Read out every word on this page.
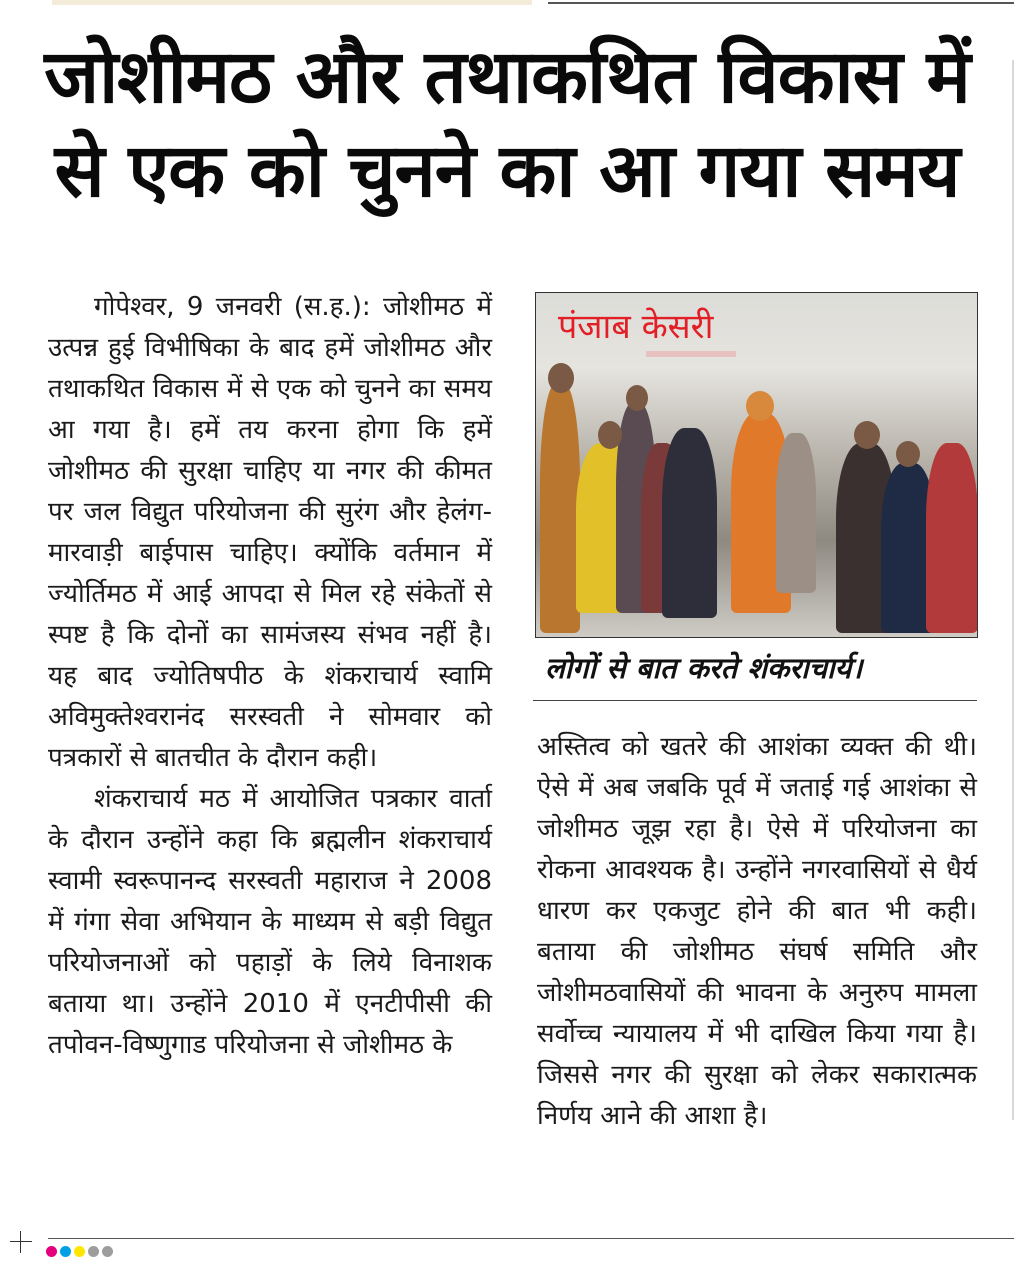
जोशीमठ और तथाकथित विकास में
से एक को चुनने का आ गया समय

गोपेश्वर, 9 जनवरी (स.ह.): जोशीमठ में उत्पन्न हुई विभीषिका के बाद हमें जोशीमठ और तथाकथित विकास में से एक को चुनने का समय आ गया है। हमें तय करना होगा कि हमें जोशीमठ की सुरक्षा चाहिए या नगर की कीमत पर जल विद्युत परियोजना की सुरंग और हेलंग-मारवाड़ी बाईपास चाहिए। क्योंकि वर्तमान में ज्योर्तिमठ में आई आपदा से मिल रहे संकेतों से स्पष्ट है कि दोनों का सामंजस्य संभव नहीं है। यह बाद ज्योतिषपीठ के शंकराचार्य स्वामि अविमुक्तेश्वरानंद सरस्वती ने सोमवार को पत्रकारों से बातचीत के दौरान कही।

शंकराचार्य मठ में आयोजित पत्रकार वार्ता के दौरान उन्होंने कहा कि ब्रह्मलीन शंकराचार्य स्वामी स्वरूपानन्द सरस्वती महाराज ने 2008 में गंगा सेवा अभियान के माध्यम से बड़ी विद्युत परियोजनाओं को पहाड़ों के लिये विनाशक बताया था। उन्होंने 2010 में एनटीपीसी की तपोवन-विष्णुगाड परियोजना से जोशीमठ के

पंजाब केसरी
लोगों से बात करते शंकराचार्य।

अस्तित्व को खतरे की आशंका व्यक्त की थी। ऐसे में अब जबकि पूर्व में जताई गई आशंका से जोशीमठ जूझ रहा है। ऐसे में परियोजना का रोकना आवश्यक है। उन्होंने नगरवासियों से धैर्य धारण कर एकजुट होने की बात भी कही। बताया की जोशीमठ संघर्ष समिति और जोशीमठवासियों की भावना के अनुरुप मामला सर्वोच्च न्यायालय में भी दाखिल किया गया है। जिससे नगर की सुरक्षा को लेकर सकारात्मक निर्णय आने की आशा है।
